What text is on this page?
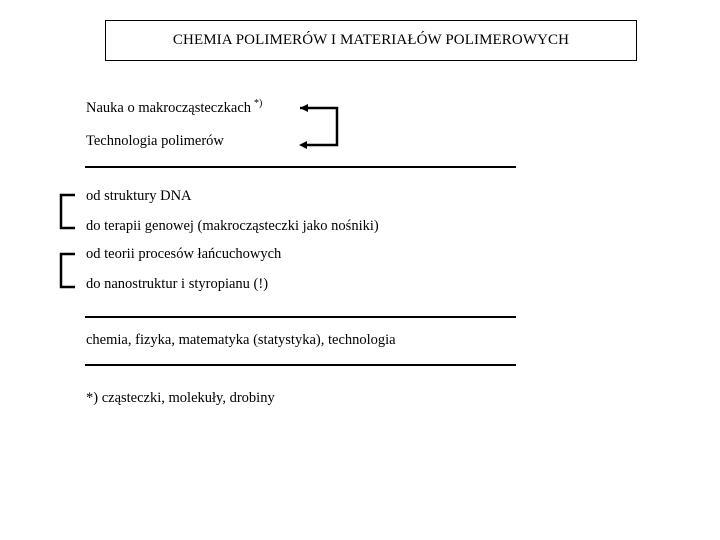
CHEMIA POLIMERÓW I MATERIAŁÓW POLIMEROWYCH
Nauka o makrocząsteczkach *)
Technologia polimerów
od struktury DNA
do terapii genowej (makrocząsteczki jako nośniki)
od teorii procesów łańcuchowych
do nanostruktur i styropianu (!)
chemia, fizyka, matematyka (statystyka), technologia
*) cząsteczki, molekuły, drobiny
